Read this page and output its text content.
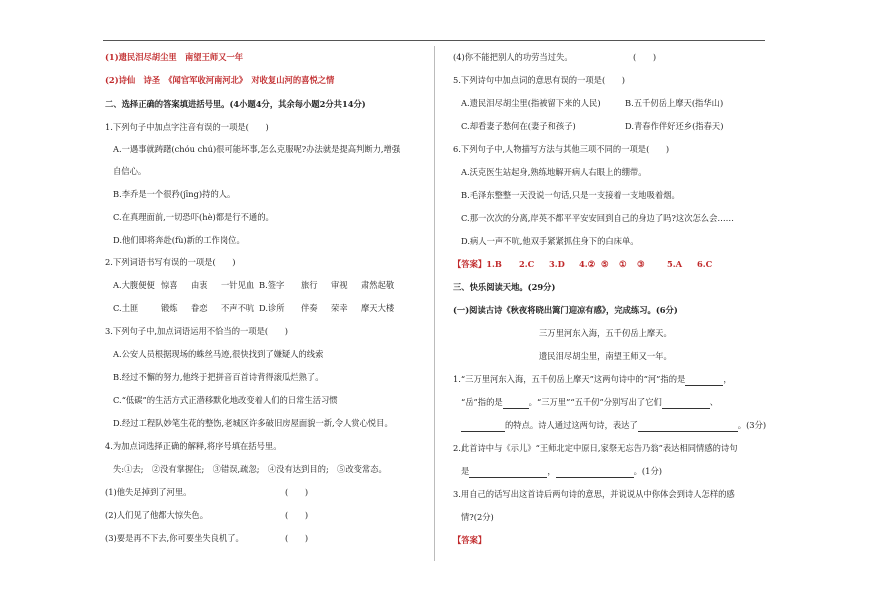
(1)遗民泪尽胡尘里　南望王师又一年
(2)诗仙　诗圣　《闻官军收河南河北》　对收复山河的喜悦之情
二、选择正确的答案填进括号里。(4小题4分，其余每小题2分共14分)
1.下列句子中加点字注音有误的一项是(　　)
A.一遇事就踌躇(chóu chú)很可能坏事,怎么克服呢?办法就是提高判断力,增强
自信心。
B.李乔是一个很矜(jīng)持的人。
C.在真理面前,一切恐吓(hè)都是行不通的。
D.他们即将奔赴(fù)新的工作岗位。
2.下列词语书写有误的一项是(　　)
A.大腹便便 惊喜 由衷 一针见血 B.签字 旅行 审视 肃然起敬
C.土匪	锻炼 眷恋 不声不吭 D.诊所 伴奏 荣幸 摩天大楼
3.下列句子中,加点词语运用不恰当的一项是(　　)
A.公安人员根据现场的蛛丝马迹,很快找到了嫌疑人的线索
B.经过不懈的努力,他终于把拼音百首诗背得滚瓜烂熟了。
C.“低碳”的生活方式正潜移默化地改变着人们的日常生活习惯
D.经过工程队妙笔生花的整饬,老城区许多破旧房屋面貌一新,令人赏心悦目。
4.为加点词选择正确的解释,将序号填在括号里。
失:①去;　②没有掌握住;　③错误,疏忽;　④没有达到目的;　⑤改变常态。
(1)他失足掉到了河里。	(　　)
(2)人们见了他都大惊失色。	(　　)
(3)要是再不下去,你可要坐失良机了。	(　　)
(4)你不能把别人的功劳当过失。	(　　)
5.下列诗句中加点词的意思有误的一项是(　　)
A.遗民泪尽胡尘里(指被留下来的人民)	B.五千仞岳上摩天(指华山)
C.却看妻子愁何在(妻子和孩子)	D.青春作伴好还乡(指春天)
6.下列句子中,人物描写方法与其他三项不同的一项是(　　)
A.沃克医生站起身,熟练地解开病人右眼上的绷带。
B.毛泽东整整一天没说一句话,只是一支接着一支地吸着烟。
C.那一次次的分离,岸英不都平平安安回到自己的身边了吗?这次怎么会……
D.病人一声不吭,他双手紧紧抓住身下的白床单。
【答案】1.B 2.C 3.D 4.② ⑤ ① ③	5.A 6.C
三、快乐阅读天地。(29分)
(一)阅读古诗《秋夜将晓出篱门迎凉有感》，完成练习。(6分)
三万里河东入海，五千仞岳上摩天。
遗民泪尽胡尘里，南望王师又一年。
1.“三万里河东入海，五千仞岳上摩天”这两句诗中的“河”指的是	，
“岳”指的是	。“三万里”“五千仞”分别写出了它们	、
的特点。诗人通过这两句诗，表达了	。(3分)
2.此首诗中与《示儿》“王师北定中原日,家祭无忘告乃翁”表达相同情感的诗句
是	，	。(1分)
3.用自己的话写出这首诗后两句诗的意思，并说说从中你体会到诗人怎样的感
情?(2分)
【答案】
